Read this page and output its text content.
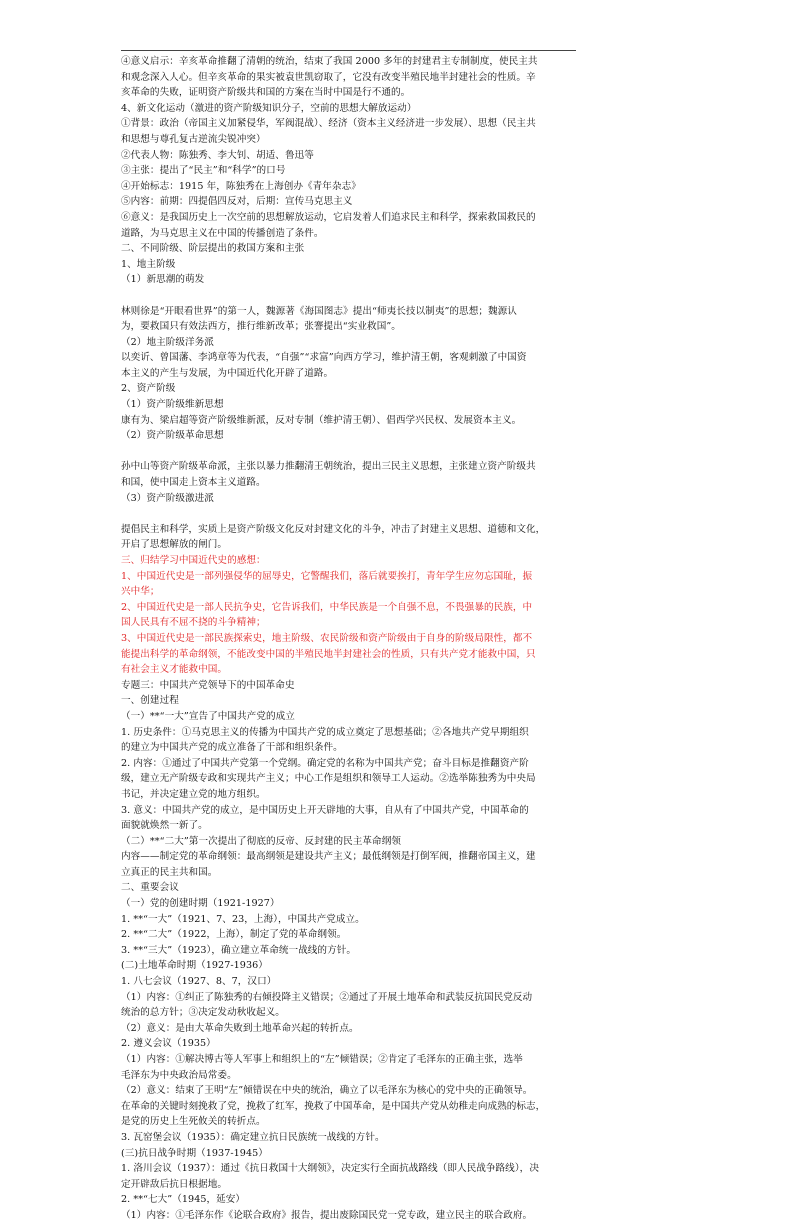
④意义启示：辛亥革命推翻了清朝的统治，结束了我国 2000 多年的封建君主专制制度，使民主共
和观念深入人心。但辛亥革命的果实被袁世凯窃取了，它没有改变半殖民地半封建社会的性质。辛
亥革命的失败，证明资产阶级共和国的方案在当时中国是行不通的。
4、新文化运动（激进的资产阶级知识分子，空前的思想大解放运动）
①背景：政治（帝国主义加紧侵华，军阀混战）、经济（资本主义经济进一步发展）、思想（民主共
和思想与尊孔复古逆流尖锐冲突）
②代表人物：陈独秀、李大钊、胡适、鲁迅等
③主张：提出了“民主”和“科学”的口号
④开始标志：1915 年，陈独秀在上海创办《青年杂志》
⑤内容：前期：四提倡四反对，后期：宣传马克思主义
⑥意义：是我国历史上一次空前的思想解放运动，它启发着人们追求民主和科学，探索救国救民的
道路，为马克思主义在中国的传播创造了条件。
二、不同阶级、阶层提出的救国方案和主张
1、地主阶级
（1）新思潮的萌发
林则徐是“开眼看世界”的第一人，魏源著《海国图志》提出“师夷长技以制夷”的思想；魏源认
为，要救国只有效法西方，推行维新改革；张謇提出“实业救国”。
（2）地主阶级洋务派
以奕䜣、曾国藩、李鸿章等为代表，“自强”“求富”向西方学习，维护清王朝，客观刺激了中国资
本主义的产生与发展，为中国近代化开辟了道路。
2、资产阶级
（1）资产阶级维新思想
康有为、梁启超等资产阶级维新派，反对专制（维护清王朝）、倡西学兴民权、发展资本主义。
（2）资产阶级革命思想
孙中山等资产阶级革命派，主张以暴力推翻清王朝统治，提出三民主义思想，主张建立资产阶级共
和国，使中国走上资本主义道路。
（3）资产阶级激进派
提倡民主和科学，实质上是资产阶级文化反对封建文化的斗争，冲击了封建主义思想、道德和文化，
开启了思想解放的闸门。
三、归结学习中国近代史的感想：
1、中国近代史是一部列强侵华的屈辱史，它警醒我们，落后就要挨打，青年学生应勿忘国耻，振
兴中华；
2、中国近代史是一部人民抗争史，它告诉我们，中华民族是一个自强不息，不畏强暴的民族，中
国人民具有不屈不挠的斗争精神；
3、中国近代史是一部民族探索史，地主阶级、农民阶级和资产阶级由于自身的阶级局限性，都不
能提出科学的革命纲领，不能改变中国的半殖民地半封建社会的性质，只有共产党才能救中国，只
有社会主义才能救中国。
专题三：中国共产党领导下的中国革命史
一、创建过程
（一）**“一大”宣告了中国共产党的成立
1. 历史条件：①马克思主义的传播为中国共产党的成立奠定了思想基础；②各地共产党早期组织
的建立为中国共产党的成立准备了干部和组织条件。
2. 内容：①通过了中国共产党第一个党纲。确定党的名称为中国共产党；奋斗目标是推翻资产阶
级，建立无产阶级专政和实现共产主义；中心工作是组织和领导工人运动。②选举陈独秀为中央局
书记，并决定建立党的地方组织。
3. 意义：中国共产党的成立，是中国历史上开天辟地的大事，自从有了中国共产党，中国革命的
面貌就焕然一新了。
（二）**“二大”第一次提出了彻底的反帝、反封建的民主革命纲领
内容——制定党的革命纲领：最高纲领是建设共产主义；最低纲领是打倒军阀，推翻帝国主义，建
立真正的民主共和国。
二、重要会议
（一）党的创建时期（1921-1927）
1. **“一大”（1921、7、23，上海），中国共产党成立。
2. **“二大”（1922，上海），制定了党的革命纲领。
3. **“三大”（1923），确立建立革命统一战线的方针。
(二)土地革命时期（1927-1936）
1. 八七会议（1927、8、7，汉口）
（1）内容：①纠正了陈独秀的右倾投降主义错误；②通过了开展土地革命和武装反抗国民党反动
统治的总方针；③决定发动秋收起义。
（2）意义：是由大革命失败到土地革命兴起的转折点。
2. 遵义会议（1935）
（1）内容：①解决博古等人军事上和组织上的“左”倾错误；②肯定了毛泽东的正确主张，选举
毛泽东为中央政治局常委。
（2）意义：结束了王明“左”倾错误在中央的统治，确立了以毛泽东为核心的党中央的正确领导。
在革命的关键时刻挽救了党，挽救了红军，挽救了中国革命，是中国共产党从幼稚走向成熟的标志，
是党的历史上生死攸关的转折点。
3. 瓦窑堡会议（1935）：确定建立抗日民族统一战线的方针。
(三)抗日战争时期（1937-1945）
1. 洛川会议（1937）：通过《抗日救国十大纲领》，决定实行全面抗战路线（即人民战争路线），决
定开辟敌后抗日根据地。
2. **“七大”（1945，延安）
（1）内容：①毛泽东作《论联合政府》报告，提出废除国民党一党专政，建立民主的联合政府。
